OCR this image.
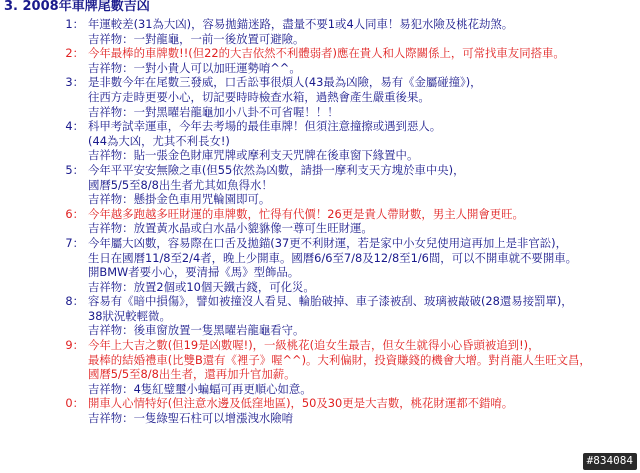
3. 2008年車牌尾數吉凶
1： 年運較差(31為大凶)，容易拋錨迷路，盡量不要1或4人同車！易犯水險及桃花劫煞。
吉祥物：一對龍龜，一前一後放置可避險。
2： 今年最棒的車牌數!!(但22的大吉依然不利體弱者)應在貴人和人際關係上，可常找車友同搭車。
吉祥物：一對小貴人可以加旺運勢唷^^。
3： 是非數今年在尾數三發威，口舌訟事很煩人(43最為凶險，易有《金屬碰撞》)，
往西方走時更要小心，切記要時時檢查水箱，過熱會產生嚴重後果。
吉祥物：一對黑曜岩龍龜加小八卦不可省喔！！！
4： 科甲考試幸運車，今年去考場的最佳車牌！但須注意撞擦或遇到惡人。
(44為大凶，尤其不利長女!)
吉祥物：貼一張金色財庫咒牌或摩利支天咒牌在後車窗下緣置中。
5： 今年平平安安無險之車(但55依然為凶數，請掛一摩利支天方塊於車中央)，
國曆5/5至8/8出生者尤其如魚得水！
吉祥物：懸掛金色車用咒輪園即可。
6： 今年越多跑越多旺財運的車牌數，忙得有代價！26更是貴人帶財數，男主人開會更旺。
吉祥物：放置黃水晶或白水晶小貔貅像一尊可生旺財運。
7： 今年屬大凶數，容易際在口舌及拋錨(37更不利財運，若是家中小女兒使用這再加上是非官訟)，
生日在國曆11/8至2/4者，晚上少開車。國曆6/6至7/8及12/8至1/6間，可以不開車就不要開車。
開BMW者要小心，要清掃《馬》型飾品。
吉祥物：放置2個或10個天鐵古錢，可化災。
8： 容易有《暗中損傷》，譬如被撞沒人看見、輪胎破掉、車子漆被刮、玻璃被敲破(28還易接罰單)，
38狀況較輕微。
吉祥物：後車窗放置一隻黑曜岩龍龜看守。
9： 今年上大吉之數(但19是凶數喔!)，一級桃花(追女生最吉，但女生就得小心昏頭被追到!)，
最棒的結婚禮車(比雙B還有《裡子》喔^^)。大利偏財，投資賺錢的機會大增。對肖龍人生旺文昌，
國曆5/5至8/8出生者，還再加升官加薪。
吉祥物：4隻紅璧璽小蝙蝠可再更順心如意。
0： 開車人心情特好(但注意水邊及低窪地區)，50及30更是大吉數，桃花財運都不錯唷。
吉祥物：一隻綠聖石柱可以增漲洩水險唷
#834084
